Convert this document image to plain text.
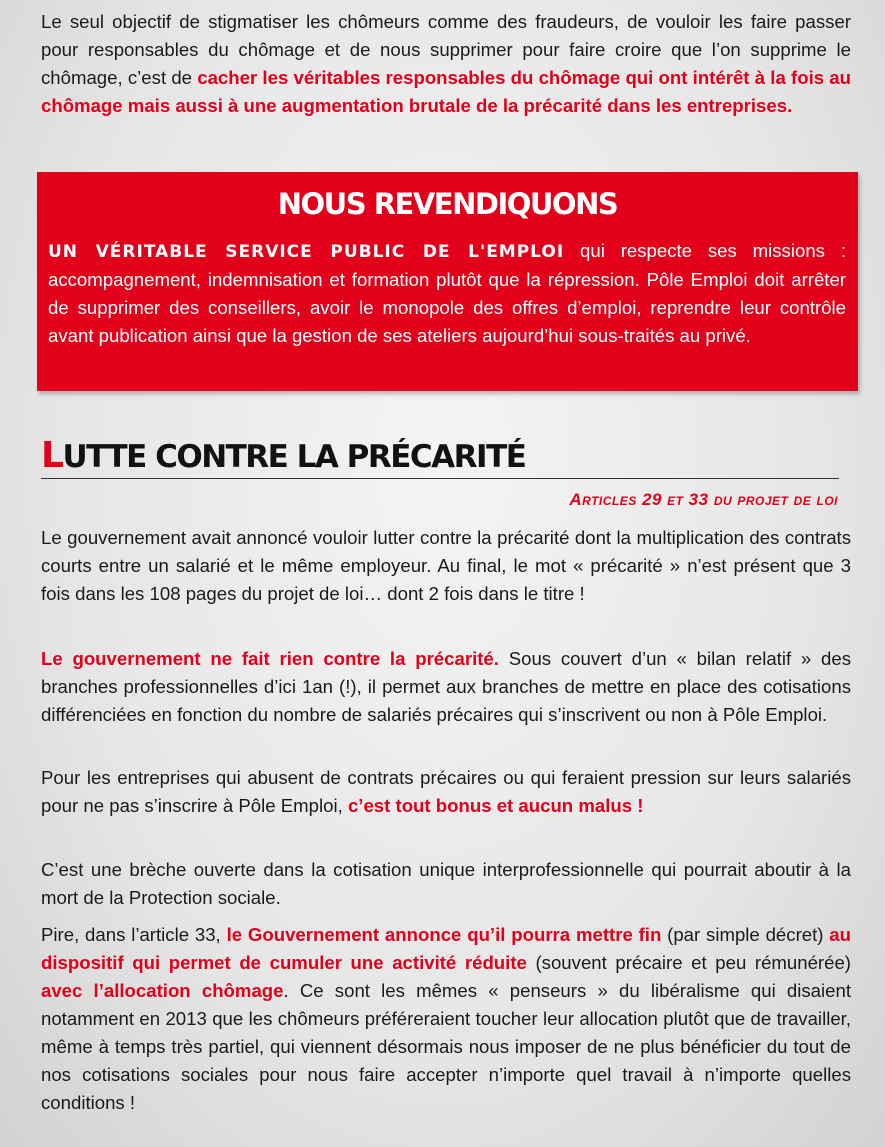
Le seul objectif de stigmatiser les chômeurs comme des fraudeurs, de vouloir les faire passer pour responsables du chômage et de nous supprimer pour faire croire que l’on supprime le chômage, c’est de cacher les véritables responsables du chômage qui ont intérêt à la fois au chômage mais aussi à une augmentation brutale de la précarité dans les entreprises.

NOUS REVENDIQUONS

UN VÉRITABLE SERVICE PUBLIC DE L'EMPLOI qui respecte ses missions : accompagnement, indemnisation et formation plutôt que la répression. Pôle Emploi doit arrêter de supprimer des conseillers, avoir le monopole des offres d’emploi, reprendre leur contrôle avant publication ainsi que la gestion de ses ateliers aujourd’hui sous-traités au privé.

LUTTE CONTRE LA PRÉCARITÉ

Articles 29 et 33 du projet de loi

Le gouvernement avait annoncé vouloir lutter contre la précarité dont la multiplication des contrats courts entre un salarié et le même employeur. Au final, le mot « précarité » n’est présent que 3 fois dans les 108 pages du projet de loi… dont 2 fois dans le titre !

Le gouvernement ne fait rien contre la précarité. Sous couvert d’un « bilan relatif » des branches professionnelles d’ici 1an (!), il permet aux branches de mettre en place des cotisations différenciées en fonction du nombre de salariés précaires qui s’inscrivent ou non à Pôle Emploi.

Pour les entreprises qui abusent de contrats précaires ou qui feraient pression sur leurs salariés pour ne pas s’inscrire à Pôle Emploi, c’est tout bonus et aucun malus !

C’est une brèche ouverte dans la cotisation unique interprofessionnelle qui pourrait aboutir à la mort de la Protection sociale.

Pire, dans l’article 33, le Gouvernement annonce qu’il pourra mettre fin (par simple décret) au dispositif qui permet de cumuler une activité réduite (souvent précaire et peu rémunérée) avec l’allocation chômage. Ce sont les mêmes « penseurs » du libéralisme qui disaient notamment en 2013 que les chômeurs préféreraient toucher leur allocation plutôt que de travailler, même à temps très partiel, qui viennent désormais nous imposer de ne plus bénéficier du tout de nos cotisations sociales pour nous faire accepter n’importe quel travail à n’importe quelles conditions !
